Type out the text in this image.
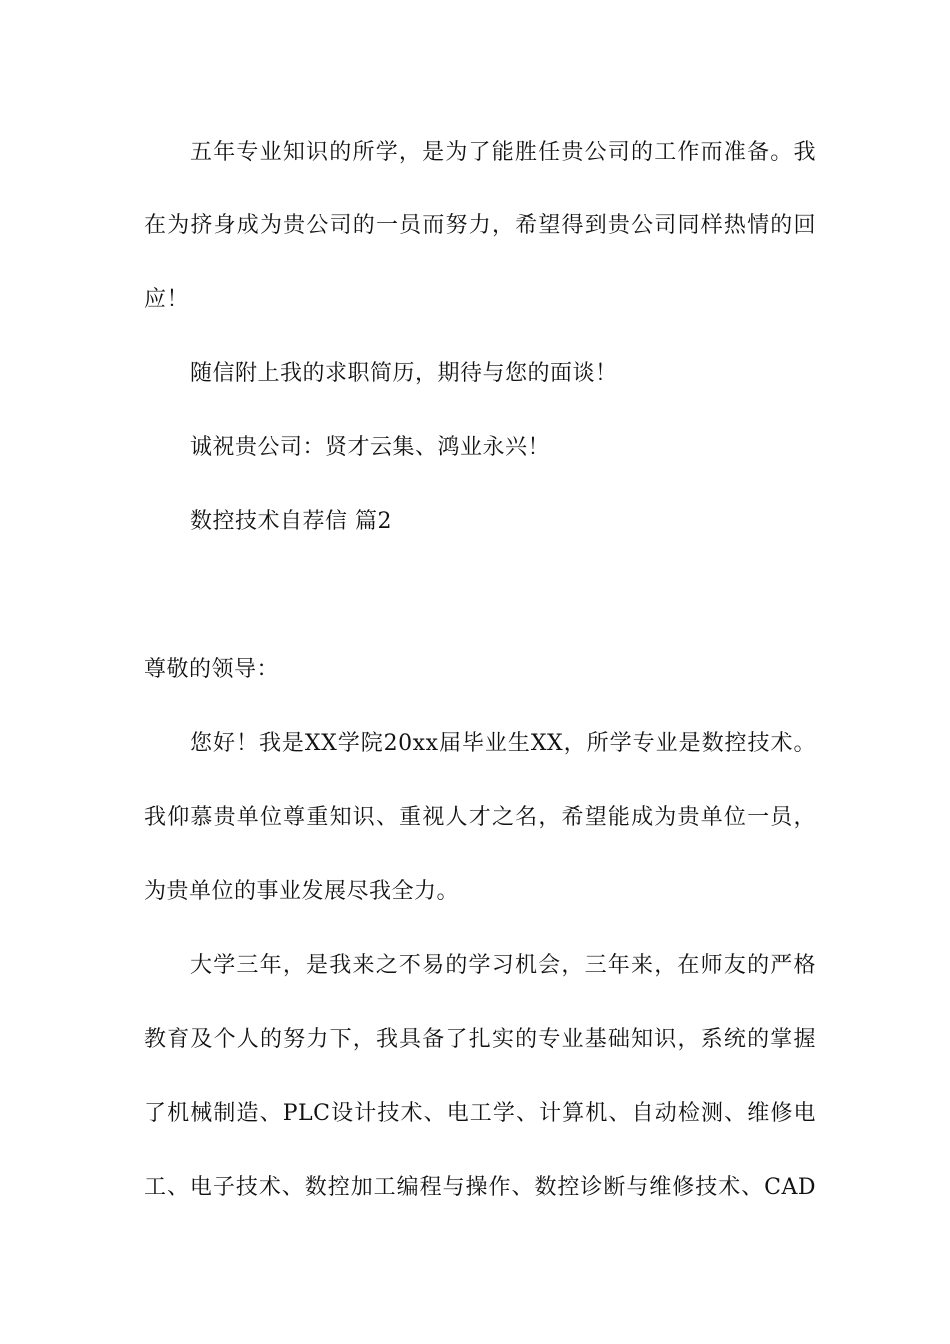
五年专业知识的所学，是为了能胜任贵公司的工作而准备。我
在为挤身成为贵公司的一员而努力，希望得到贵公司同样热情的回
应！
随信附上我的求职简历，期待与您的面谈！
诚祝贵公司：贤才云集、鸿业永兴！
数控技术自荐信 篇2
尊敬的领导：
您好！我是XX学院20xx届毕业生XX，所学专业是数控技术。
我仰慕贵单位尊重知识、重视人才之名，希望能成为贵单位一员，
为贵单位的事业发展尽我全力。
大学三年，是我来之不易的学习机会，三年来，在师友的严格
教育及个人的努力下，我具备了扎实的专业基础知识，系统的掌握
了机械制造、PLC设计技术、电工学、计算机、自动检测、维修电
工、电子技术、数控加工编程与操作、数控诊断与维修技术、CAD
